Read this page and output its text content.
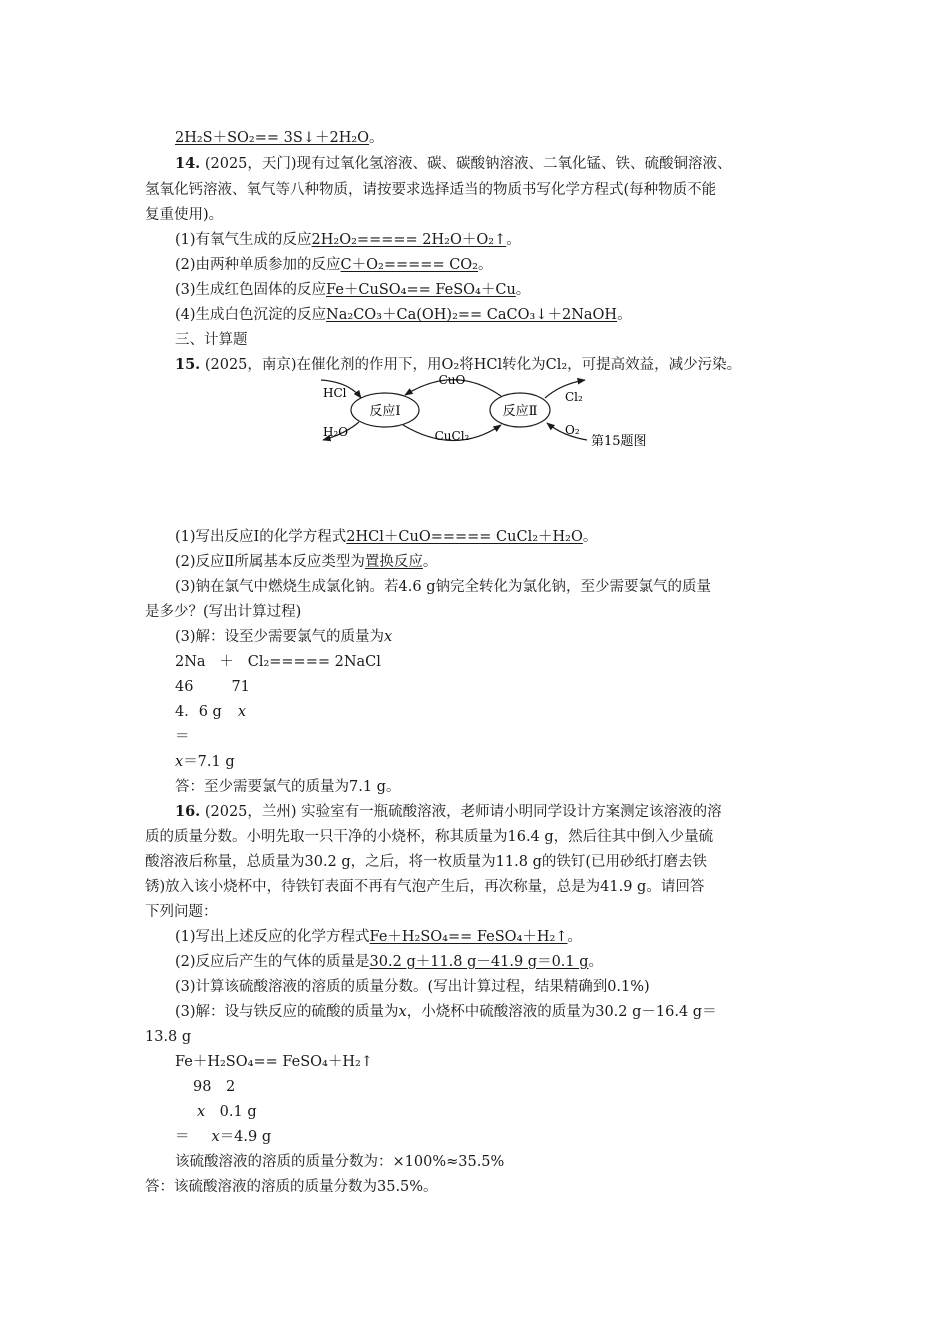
2H₂S＋SO₂== 3S↓＋2H₂O。
14. (2025，天门)现有过氧化氢溶液、碳、碳酸钠溶液、二氧化锰、铁、硫酸铜溶液、
氢氧化钙溶液、氧气等八种物质，请按要求选择适当的物质书写化学方程式(每种物质不能
复重使用)。
(1)有氧气生成的反应2H₂O₂===== 2H₂O＋O₂↑。
(2)由两种单质参加的反应C＋O₂===== CO₂。
(3)生成红色固体的反应Fe＋CuSO₄== FeSO₄＋Cu。
(4)生成白色沉淀的反应Na₂CO₃＋Ca(OH)₂== CaCO₃↓＋2NaOH。
三、计算题
15. (2025，南京)在催化剂的作用下，用O₂将HCl转化为Cl₂，可提高效益，减少污染。
反应Ⅰ	反应Ⅱ
CuO
CuCl₂
HCl
H₂O
Cl₂
O₂
第15题图
(1)写出反应Ⅰ的化学方程式2HCl＋CuO===== CuCl₂＋H₂O。
(2)反应Ⅱ所属基本反应类型为置换反应。
(3)钠在氯气中燃烧生成氯化钠。若4.6 g钠完全转化为氯化钠，至少需要氯气的质量
是多少？(写出计算过程)
(3)解：设至少需要氯气的质量为x
2Na ＋ Cl₂===== 2NaCl
46	71
4．6 g x
＝
x＝7.1 g
答：至少需要氯气的质量为7.1 g。
16. (2025，兰州) 实验室有一瓶硫酸溶液，老师请小明同学设计方案测定该溶液的溶
质的质量分数。小明先取一只干净的小烧杯，称其质量为16.4 g，然后往其中倒入少量硫
酸溶液后称量，总质量为30.2 g，之后，将一枚质量为11.8 g的铁钉(已用砂纸打磨去铁
锈)放入该小烧杯中，待铁钉表面不再有气泡产生后，再次称量，总是为41.9 g。请回答
下列问题：
(1)写出上述反应的化学方程式Fe＋H₂SO₄== FeSO₄＋H₂↑。
(2)反应后产生的气体的质量是30.2 g＋11.8 g－41.9 g＝0.1 g。
(3)计算该硫酸溶液的溶质的质量分数。(写出计算过程，结果精确到0.1%)
(3)解：设与铁反应的硫酸的质量为x，小烧杯中硫酸溶液的质量为30.2 g－16.4 g＝
13.8 g
Fe＋H₂SO₄== FeSO₄＋H₂↑
98　2
x　0.1 g
＝ x＝4.9 g
该硫酸溶液的溶质的质量分数为：×100%≈35.5%
答：该硫酸溶液的溶质的质量分数为35.5%。
